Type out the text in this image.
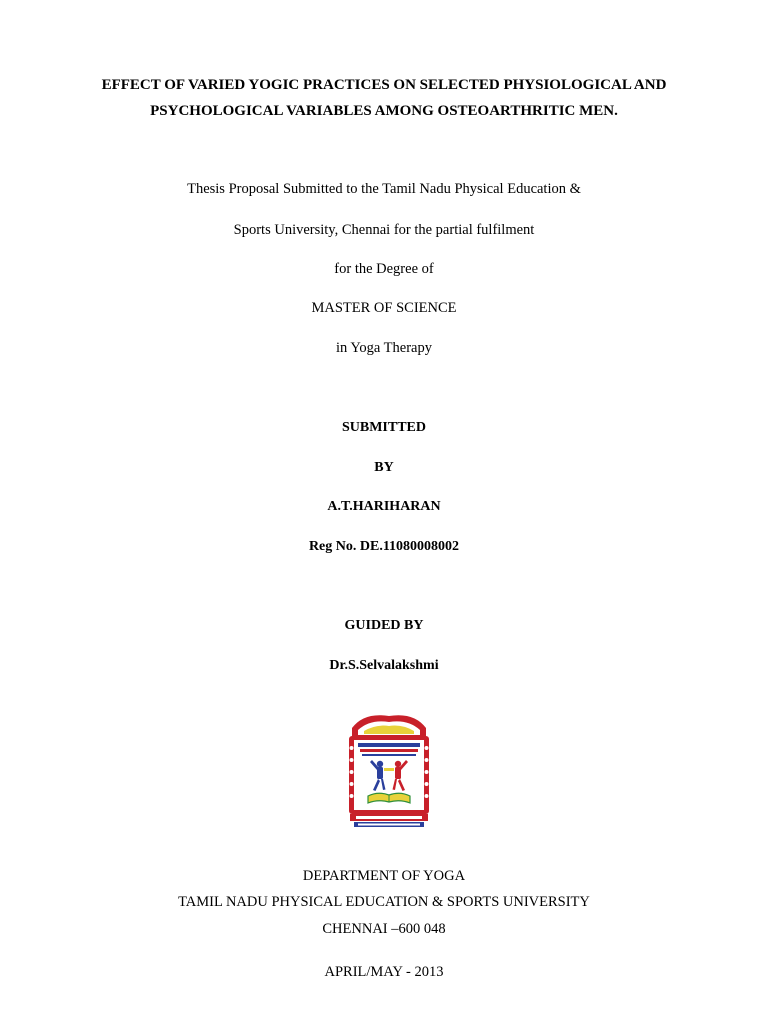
EFFECT OF VARIED YOGIC PRACTICES ON SELECTED PHYSIOLOGICAL AND
PSYCHOLOGICAL VARIABLES AMONG OSTEOARTHRITIC MEN.
Thesis Proposal Submitted to the Tamil Nadu Physical Education &
Sports University, Chennai for the partial fulfilment
for the Degree of
MASTER OF SCIENCE
in Yoga Therapy
SUBMITTED
BY
A.T.HARIHARAN
Reg No. DE.11080008002
GUIDED BY
Dr.S.Selvalakshmi
DEPARTMENT OF YOGA
TAMIL NADU PHYSICAL EDUCATION & SPORTS UNIVERSITY
CHENNAI –600 048
APRIL/MAY - 2013
